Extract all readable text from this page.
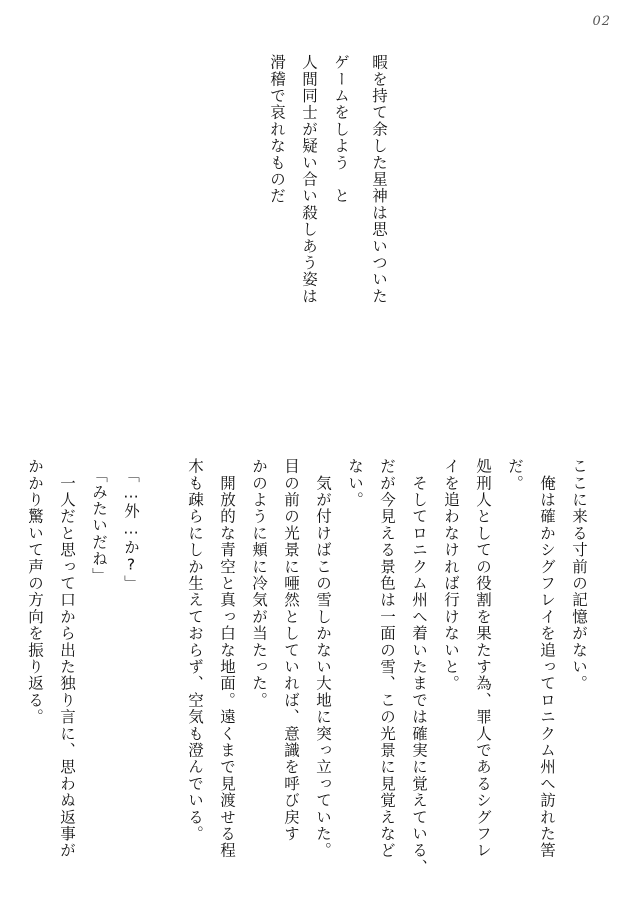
02
暇を持て余した星神は思いついた
ゲームをしよう　と
人間同士が疑い合い殺しあう姿は
滑稽で哀れなものだ
ここに来る寸前の記憶がない。
　俺は確かシグフレイを追ってロニクム州へ訪れた筈
だ。
処刑人としての役割を果たす為、罪人であるシグフレ
イを追わなければ行けないと。
　そしてロニクム州へ着いたまでは確実に覚えている、
だが今見える景色は一面の雪、この光景に見覚えなど
ない。
　気が付けばこの雪しかない大地に突っ立っていた。
目の前の光景に唖然としていれば、意識を呼び戻す
かのように頬に冷気が当たった。
　開放的な青空と真っ白な地面。遠くまで見渡せる程
木も疎らにしか生えておらず、空気も澄んでいる。

　「…外…か?」
　「みたいだね」
　一人だと思って口から出た独り言に、思わぬ返事が
かかり驚いて声の方向を振り返る。
